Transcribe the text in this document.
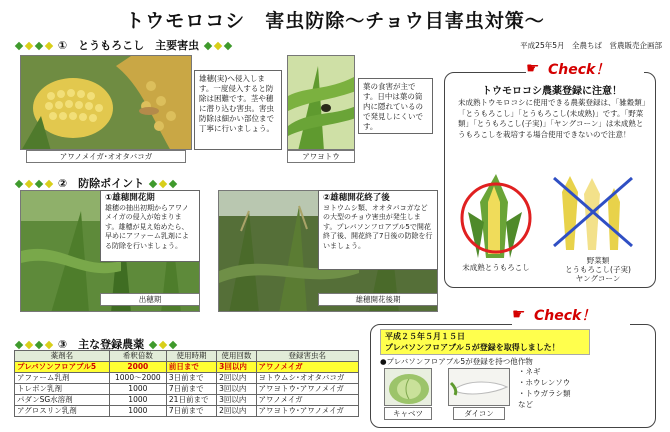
トウモロコシ　害虫防除～チョウ目害虫対策～
平成25年5月　全農ちば　営農販売企画部
①　とうもろこし　主要害虫
アワノメイガ･オオタバコガ
雄穂(実)へ侵入します。一度侵入すると防除は困難です。茎や穂に潜り込む害虫。害虫防除は細かい部位まで丁寧に行いましょう。
アワヨトウ
葉の食害が主です。日中は葉の筒内に隠れているので発見しにくいです。
②　防除ポイント
①雄穂開花期
雄穂の抽出初期からアワノメイガの侵入が始まります。雄穂が見え始めたら、早めにアファーム乳剤による防除を行いましょう。
出穂期
②雄穂開花終了後
ヨトウムシ類、オオタバコガなどの大型のチョウ害虫が発生します。プレバソンフロアブル5で開花終了後、開花終了7日後の防除を行いましょう。
雄穂開花後期
☛ Check！
トウモロコシ農薬登録に注意！
未成熟トウモロコシに使用できる農薬登録は、「雑穀類」「とうもろこし」「とうもろこし(未成熟)」です。「野菜類」「とうもろこし(子実)」「ヤングコーン」は未成熟とうもろこしを栽培する場合使用できないので注意！
未成熟とうもろこし
野菜類
とうもろこし(子実)
ヤングコーン
③　主な登録農薬
薬剤名	希釈倍数	使用時期	使用回数	登録害虫名
プレバソンフロアブル5	2000	前日まで	3回以内	アワノメイガ
アファーム乳剤	1000～2000	3日前まで	2回以内	ヨトウムシ･オオタバコガ
トレボン乳剤	1000	7日前まで	3回以内	アワヨトウ･アワノメイガ
パダンSG水溶剤	1000	21日前まで	3回以内	アワノメイガ
アグロスリン乳剤	1000	7日前まで	2回以内	アワヨトウ･アワノメイガ
☛ Check！
平成２５年５月１５日
プレバソンフロアブル５が登録を取得しました！
●プレバソンフロアブル5が登録を持つ他作物
キャベツ	ダイコン
・ネギ
・ホウレンソウ
・トウガラシ類
など
